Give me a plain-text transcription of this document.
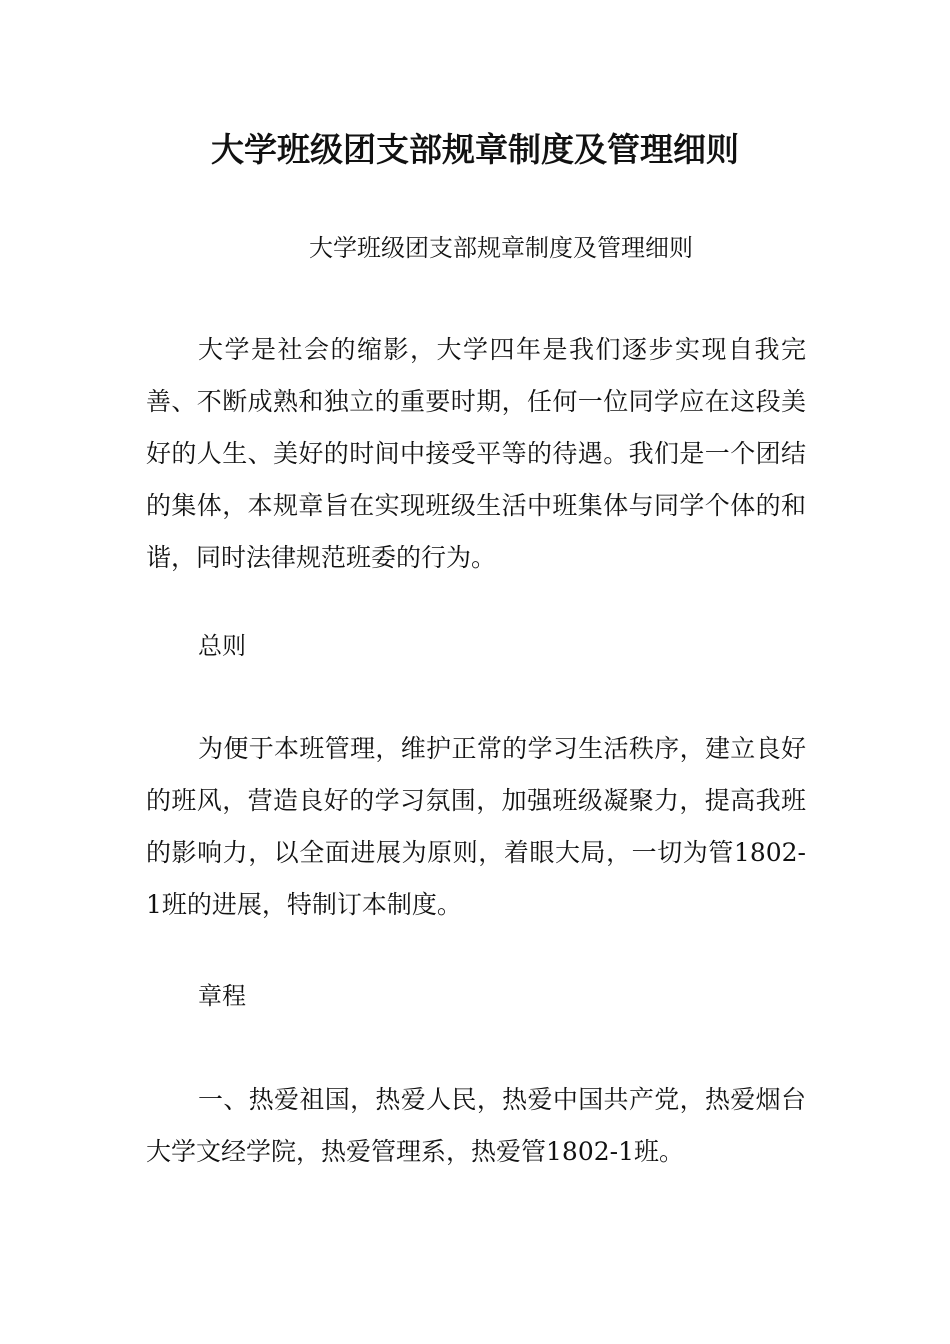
大学班级团支部规章制度及管理细则

大学班级团支部规章制度及管理细则

大学是社会的缩影，大学四年是我们逐步实现自我完善、不断成熟和独立的重要时期，任何一位同学应在这段美好的人生、美好的时间中接受平等的待遇。我们是一个团结的集体，本规章旨在实现班级生活中班集体与同学个体的和谐，同时法律规范班委的行为。

总则

为便于本班管理，维护正常的学习生活秩序，建立良好的班风，营造良好的学习氛围，加强班级凝聚力，提高我班的影响力，以全面进展为原则，着眼大局，一切为管1802-1班的进展，特制订本制度。

章程

一、热爱祖国，热爱人民，热爱中国共产党，热爱烟台大学文经学院，热爱管理系，热爱管1802-1班。
